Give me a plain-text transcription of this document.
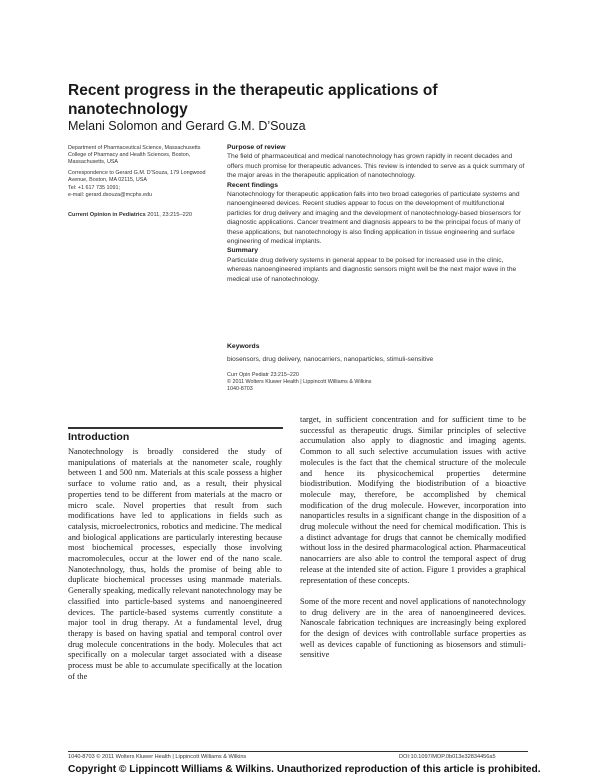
Recent progress in the therapeutic applications of nanotechnology
Melani Solomon and Gerard G.M. D’Souza

Department of Pharmaceutical Science, Massachusetts College of Pharmacy and Health Sciences, Boston, Massachusetts, USA

Correspondence to Gerard G.M. D’Souza, 179 Longwood Avenue, Boston, MA 02115, USA
Tel: +1 617 735 1091;
e-mail: gerard.dsouza@mcphs.edu

Current Opinion in Pediatrics 2011, 23:215–220
Purpose of review

The field of pharmaceutical and medical nanotechnology has grown rapidly in recent decades and offers much promise for therapeutic advances. This review is intended to serve as a quick summary of the major areas in the therapeutic application of nanotechnology.

Recent findings

Nanotechnology for therapeutic application falls into two broad categories of particulate systems and nanoengineered devices. Recent studies appear to focus on the development of multifunctional particles for drug delivery and imaging and the development of nanotechnology-based biosensors for diagnostic applications. Cancer treatment and diagnosis appears to be the principal focus of many of these applications, but nanotechnology is also finding application in tissue engineering and surface engineering of medical implants.

Summary

Particulate drug delivery systems in general appear to be poised for increased use in the clinic, whereas nanoengineered implants and diagnostic sensors might well be the next major wave in the medical use of nanotechnology.

Keywords
biosensors, drug delivery, nanocarriers, nanoparticles, stimuli-sensitive
Curr Opin Pediatr 23:215–220
© 2011 Wolters Kluwer Health | Lippincott Williams & Wilkins
1040-8703
Introduction
Nanotechnology is broadly considered the study of manipulations of materials at the nanometer scale, roughly between 1 and 500 nm. Materials at this scale possess a higher surface to volume ratio and, as a result, their physical properties tend to be different from materials at the macro or micro scale. Novel properties that result from such modifications have led to applications in fields such as catalysis, microelectronics, robotics and medicine. The medical and biological applications are particularly interesting because most biochemical processes, especially those involving macromolecules, occur at the lower end of the nano scale. Nanotechnology, thus, holds the promise of being able to duplicate biochemical processes using manmade materials. Generally speaking, medically relevant nanotechnology may be classified into particle-based systems and nanoengineered devices. The particle-based systems currently constitute a major tool in drug therapy. At a fundamental level, drug therapy is based on having spatial and temporal control over drug molecule concentrations in the body. Molecules that act specifically on a molecular target associated with a disease process must be able to accumulate specifically at the location of the

target, in sufficient concentration and for sufficient time to be successful as therapeutic drugs. Similar principles of selective accumulation also apply to diagnostic and imaging agents. Common to all such selective accumulation issues with active molecules is the fact that the chemical structure of the molecule and hence its physicochemical properties determine biodistribution. Modifying the biodistribution of a bioactive molecule may, therefore, be accomplished by chemical modification of the drug molecule. However, incorporation into nanoparticles results in a significant change in the disposition of a drug molecule without the need for chemical modification. This is a distinct advantage for drugs that cannot be chemically modified without loss in the desired pharmacological action. Pharmaceutical nanocarriers are also able to control the temporal aspect of drug release at the intended site of action. Figure 1 provides a graphical representation of these concepts.

Some of the more recent and novel applications of nanotechnology to drug delivery are in the area of nanoengineered devices. Nanoscale fabrication techniques are increasingly being explored for the design of devices with controllable surface properties as well as devices capable of functioning as biosensors and stimuli-sensitive

1040-8703 © 2011 Wolters Kluwer Health | Lippincott Williams & Wilkins	DOI:10.1097/MOP.0b013e32834456a5
Copyright © Lippincott Williams & Wilkins. Unauthorized reproduction of this article is prohibited.
